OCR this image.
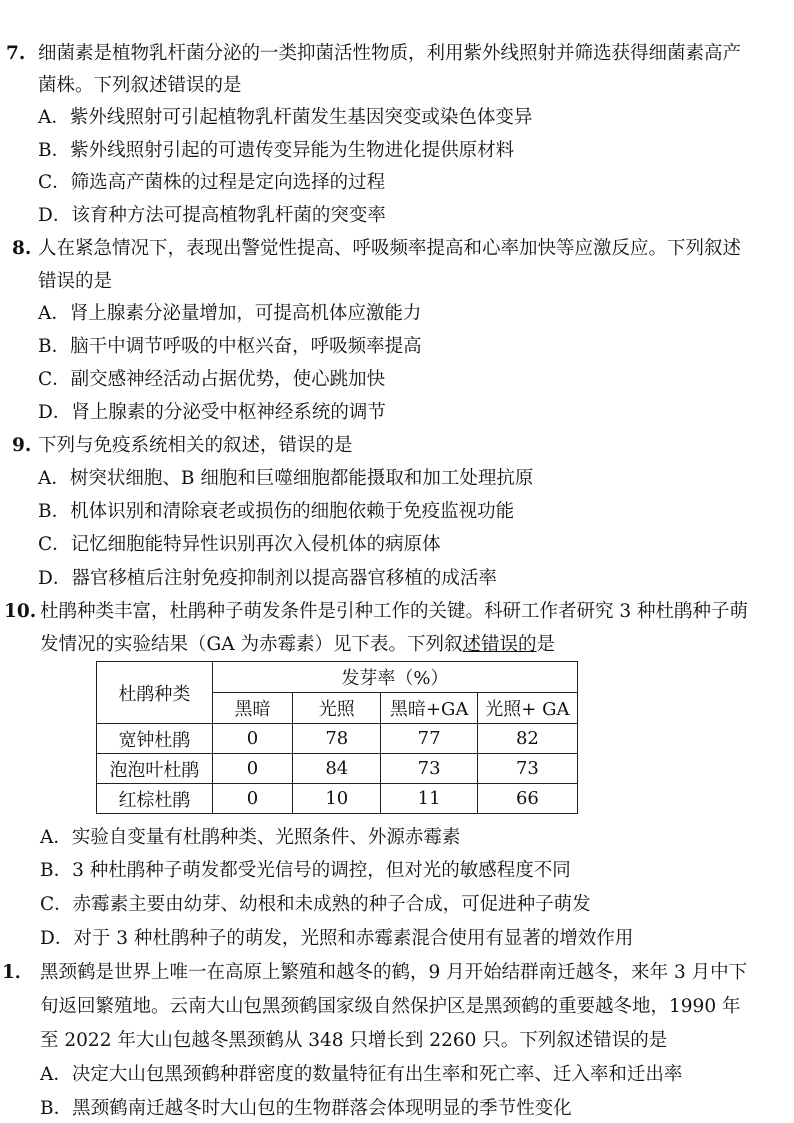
7. 细菌素是植物乳杆菌分泌的一类抑菌活性物质，利用紫外线照射并筛选获得细菌素高产
菌株。下列叙述错误的是
A．紫外线照射可引起植物乳杆菌发生基因突变或染色体变异
B．紫外线照射引起的可遗传变异能为生物进化提供原材料
C．筛选高产菌株的过程是定向选择的过程
D．该育种方法可提高植物乳杆菌的突变率
8. 人在紧急情况下，表现出警觉性提高、呼吸频率提高和心率加快等应激反应。下列叙述
错误的是
A．肾上腺素分泌量增加，可提高机体应激能力
B．脑干中调节呼吸的中枢兴奋，呼吸频率提高
C．副交感神经活动占据优势，使心跳加快
D．肾上腺素的分泌受中枢神经系统的调节
9. 下列与免疫系统相关的叙述，错误的是
A．树突状细胞、B 细胞和巨噬细胞都能摄取和加工处理抗原
B．机体识别和清除衰老或损伤的细胞依赖于免疫监视功能
C．记忆细胞能特异性识别再次入侵机体的病原体
D．器官移植后注射免疫抑制剂以提高器官移植的成活率
10. 杜鹃种类丰富，杜鹃种子萌发条件是引种工作的关键。科研工作者研究 3 种杜鹃种子萌
发情况的实验结果（GA 为赤霉素）见下表。下列叙述错误的是
杜鹃种类	发芽率（%）			
	黑暗	光照	黑暗+GA	光照+ GA
宽钟杜鹃	0	78	77	82
泡泡叶杜鹃	0	84	73	73
红棕杜鹃	0	10	11	66
A．实验自变量有杜鹃种类、光照条件、外源赤霉素
B．3 种杜鹃种子萌发都受光信号的调控，但对光的敏感程度不同
C．赤霉素主要由幼芽、幼根和未成熟的种子合成，可促进种子萌发
D．对于 3 种杜鹃种子的萌发，光照和赤霉素混合使用有显著的增效作用
1． 黑颈鹤是世界上唯一在高原上繁殖和越冬的鹤，9 月开始结群南迁越冬，来年 3 月中下
旬返回繁殖地。云南大山包黑颈鹤国家级自然保护区是黑颈鹤的重要越冬地，1990 年
至 2022 年大山包越冬黑颈鹤从 348 只增长到 2260 只。下列叙述错误的是
A．决定大山包黑颈鹤种群密度的数量特征有出生率和死亡率、迁入率和迁出率
B．黑颈鹤南迁越冬时大山包的生物群落会体现明显的季节性变化
